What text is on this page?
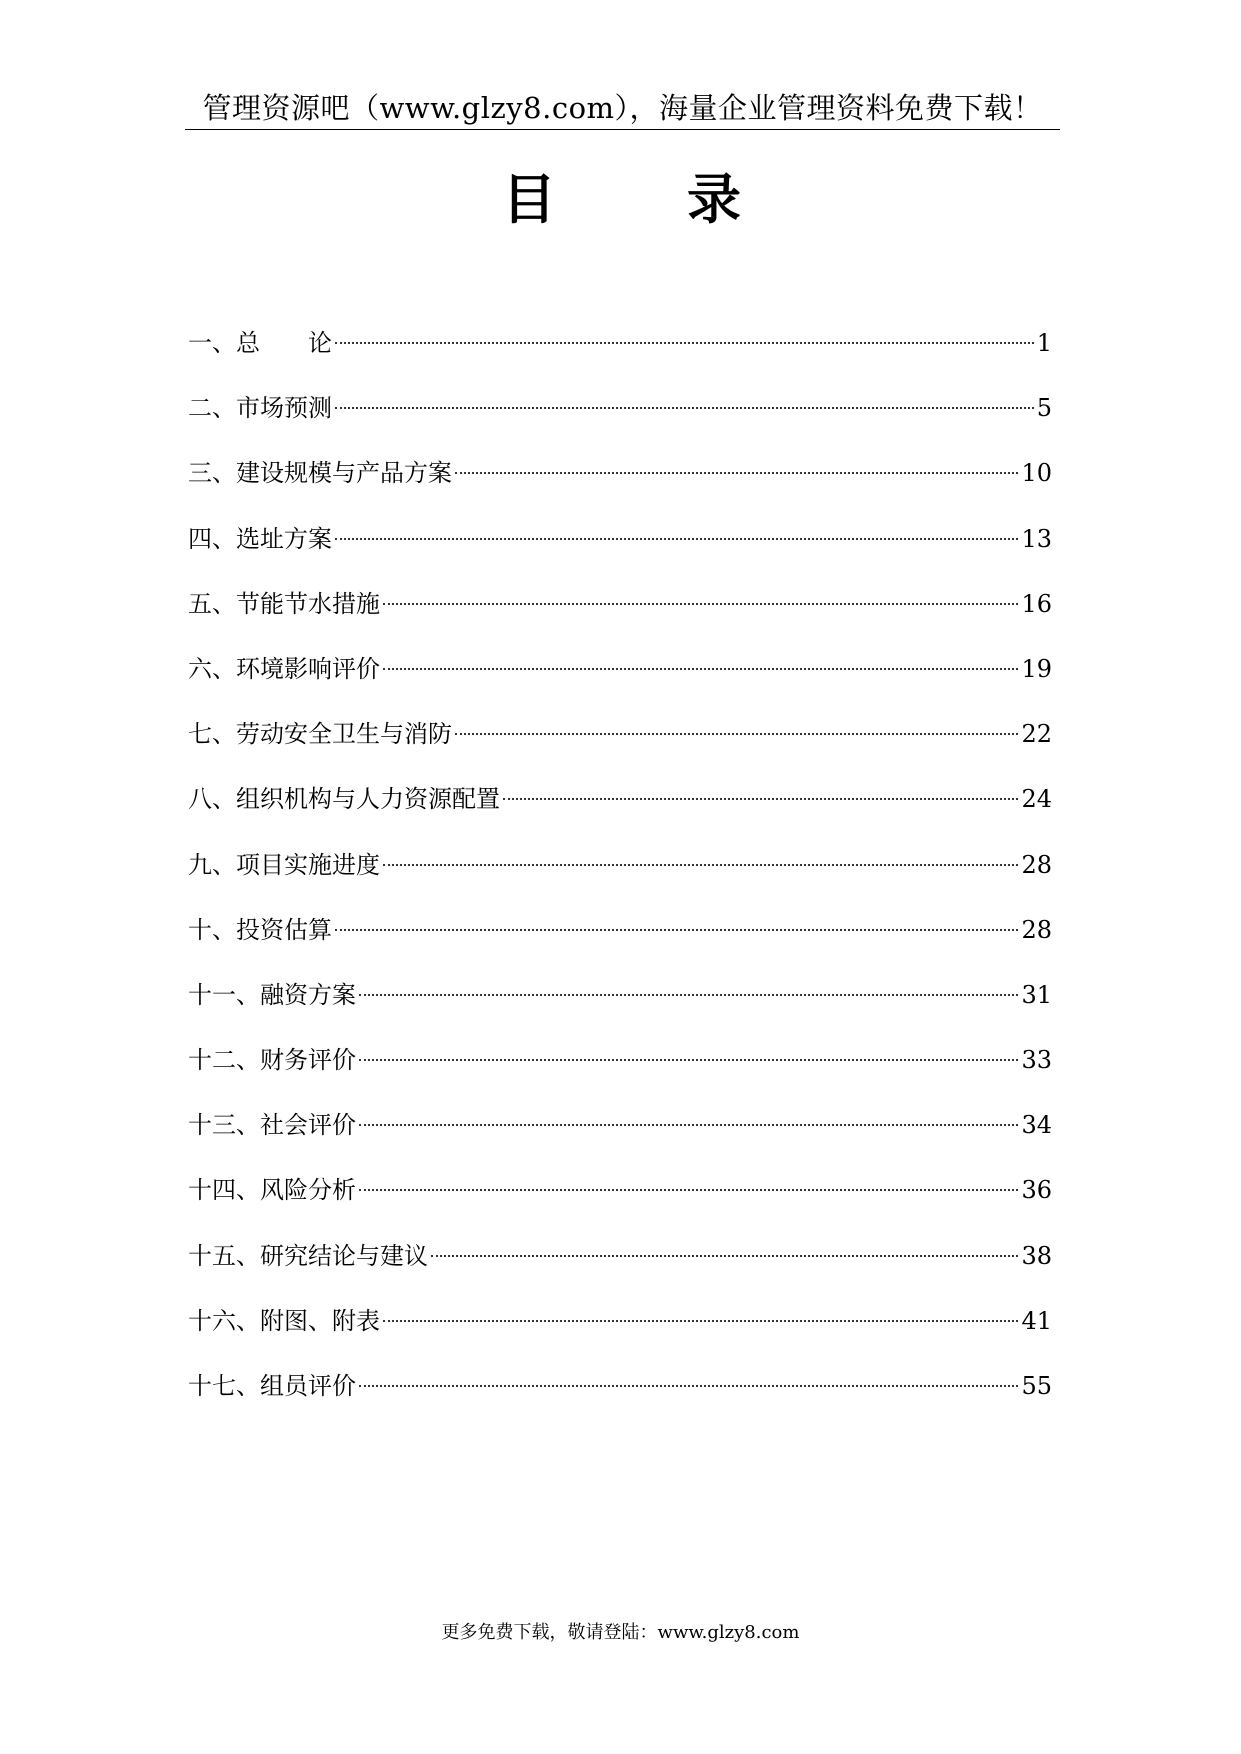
管理资源吧（www.glzy8.com），海量企业管理资料免费下载！
目 录
一、总　　论	1
二、市场预测	5
三、建设规模与产品方案	10
四、选址方案	13
五、节能节水措施	16
六、环境影响评价	19
七、劳动安全卫生与消防	22
八、组织机构与人力资源配置	24
九、项目实施进度	28
十、投资估算	28
十一、融资方案	31
十二、财务评价	33
十三、社会评价	34
十四、风险分析	36
十五、研究结论与建议	38
十六、附图、附表	41
十七、组员评价	55
更多免费下载，敬请登陆：www.glzy8.com
